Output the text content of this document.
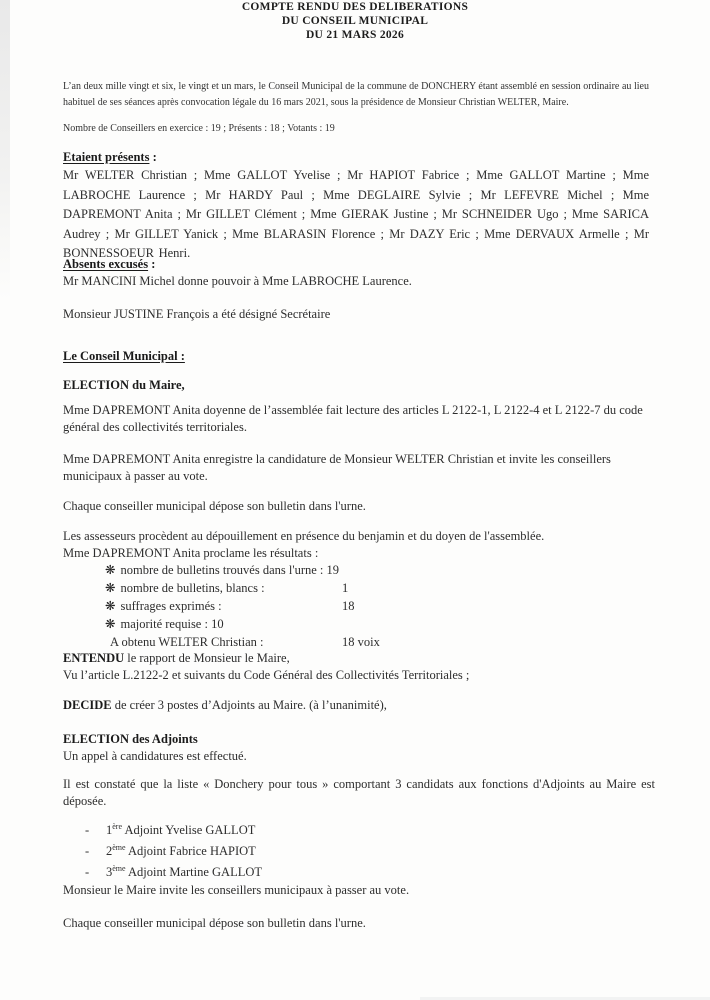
COMPTE RENDU DES DELIBERATIONS
DU CONSEIL MUNICIPAL
DU 21 MARS 2026

L’an deux mille vingt et six, le vingt et un mars, le Conseil Municipal de la commune de DONCHERY étant assemblé en session ordinaire au lieu habituel de ses séances après convocation légale du 16 mars 2021, sous la présidence de Monsieur Christian WELTER, Maire.

Nombre de Conseillers en exercice : 19 ; Présents : 18 ; Votants : 19
Etaient présents :

Mr WELTER Christian ; Mme GALLOT Yvelise ; Mr HAPIOT Fabrice ; Mme GALLOT Martine ; Mme LABROCHE Laurence ; Mr HARDY Paul ; Mme DEGLAIRE Sylvie ; Mr LEFEVRE Michel ; Mme DAPREMONT Anita ; Mr GILLET Clément ; Mme GIERAK Justine ; Mr SCHNEIDER Ugo ; Mme SARICA Audrey ; Mr GILLET Yanick ; Mme BLARASIN Florence ; Mr DAZY Eric ; Mme DERVAUX Armelle ; Mr BONNESSOEUR Henri.

Absents excusés :
Mr MANCINI Michel donne pouvoir à Mme LABROCHE Laurence.
Monsieur JUSTINE François a été désigné Secrétaire
Le Conseil Municipal :
ELECTION du Maire,

Mme DAPREMONT Anita doyenne de l’assemblée fait lecture des articles L 2122-1, L 2122-4 et L 2122-7 du code général des collectivités territoriales.

Mme DAPREMONT Anita enregistre la candidature de Monsieur WELTER Christian et invite les conseillers municipaux à passer au vote.

Chaque conseiller municipal dépose son bulletin dans l'urne.
Les assesseurs procèdent au dépouillement en présence du benjamin et du doyen de l'assemblée.
Mme DAPREMONT Anita proclame les résultats :
❋ nombre de bulletins trouvés dans l'urne : 19
❋ nombre de bulletins, blancs :	1
❋ suffrages exprimés :	18
❋ majorité requise : 10
A obtenu WELTER Christian :	18 voix
ENTENDU le rapport de Monsieur le Maire,
Vu l’article L.2122-2 et suivants du Code Général des Collectivités Territoriales ;
DECIDE de créer 3 postes d’Adjoints au Maire. (à l’unanimité),
ELECTION des Adjoints
Un appel à candidatures est effectué.

Il est constaté que la liste « Donchery pour tous » comportant 3 candidats aux fonctions d'Adjoints au Maire est déposée.

- 1ère Adjoint Yvelise GALLOT
- 2ème Adjoint Fabrice HAPIOT
- 3ème Adjoint Martine GALLOT
Monsieur le Maire invite les conseillers municipaux à passer au vote.
Chaque conseiller municipal dépose son bulletin dans l'urne.
